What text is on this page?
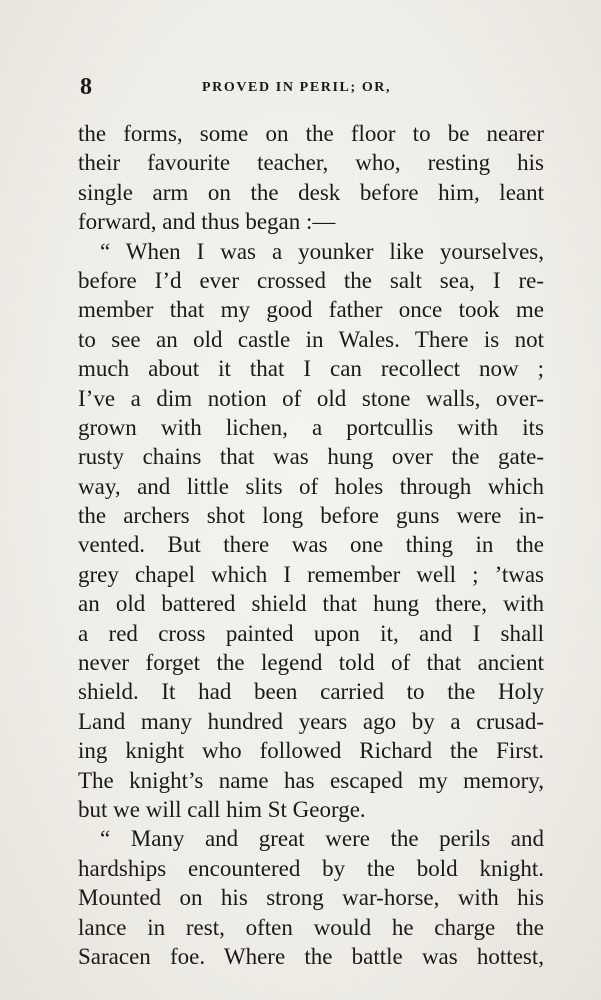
8	PROVED IN PERIL; OR,
the forms, some on the floor to be nearer
their favourite teacher, who, resting his
single arm on the desk before him, leant
forward, and thus began :—
“ When I was a younker like yourselves,
before I’d ever crossed the salt sea, I re-
member that my good father once took me
to see an old castle in Wales. There is not
much about it that I can recollect now ;
I’ve a dim notion of old stone walls, over-
grown with lichen, a portcullis with its
rusty chains that was hung over the gate-
way, and little slits of holes through which
the archers shot long before guns were in-
vented. But there was one thing in the
grey chapel which I remember well ; ’twas
an old battered shield that hung there, with
a red cross painted upon it, and I shall
never forget the legend told of that ancient
shield. It had been carried to the Holy
Land many hundred years ago by a crusad-
ing knight who followed Richard the First.
The knight’s name has escaped my memory,
but we will call him St George.
“ Many and great were the perils and
hardships encountered by the bold knight.
Mounted on his strong war-horse, with his
lance in rest, often would he charge the
Saracen foe. Where the battle was hottest,
